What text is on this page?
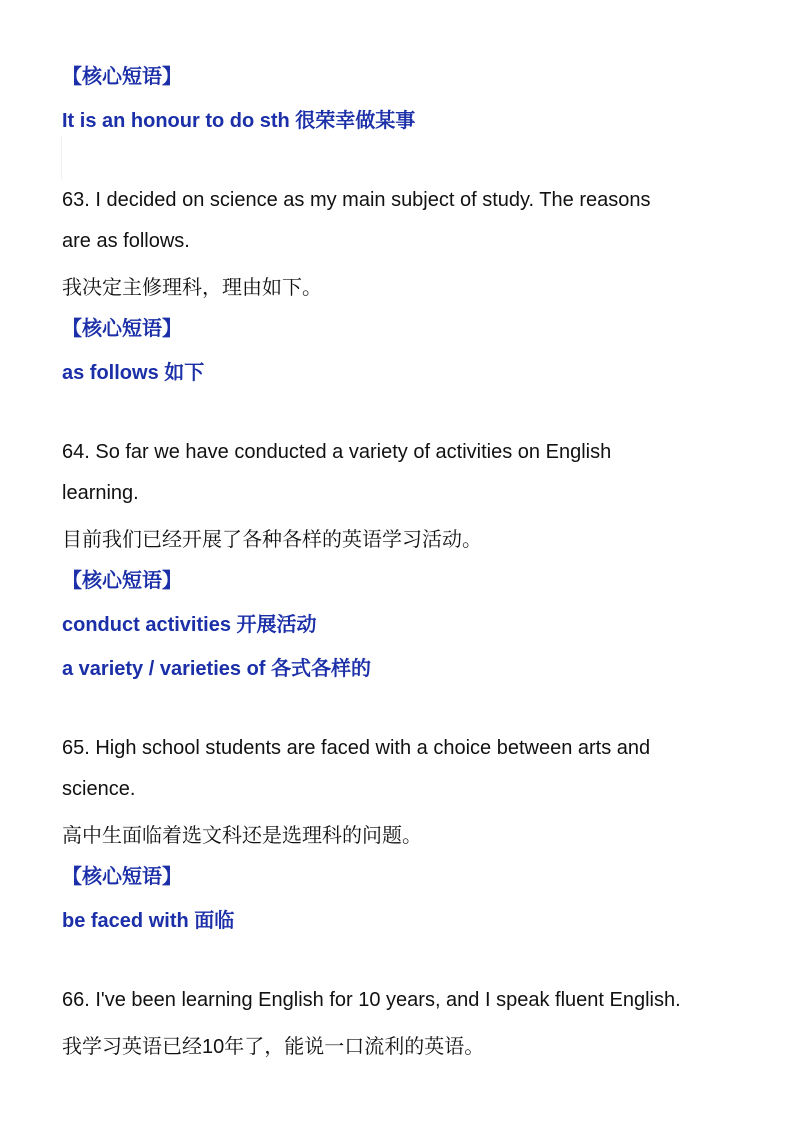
【核心短语】

It is an honour to do sth 很荣幸做某事

63. I decided on science as my main subject of study. The reasons

are as follows.

我决定主修理科，理由如下。

【核心短语】

as follows 如下

64. So far we have conducted a variety of activities on English

learning.

目前我们已经开展了各种各样的英语学习活动。

【核心短语】

conduct activities 开展活动

a variety / varieties of 各式各样的

65. High school students are faced with a choice between arts and

science.

高中生面临着选文科还是选理科的问题。

【核心短语】

be faced with 面临

66. I've been learning English for 10 years, and I speak fluent English.

我学习英语已经10年了，能说一口流利的英语。
